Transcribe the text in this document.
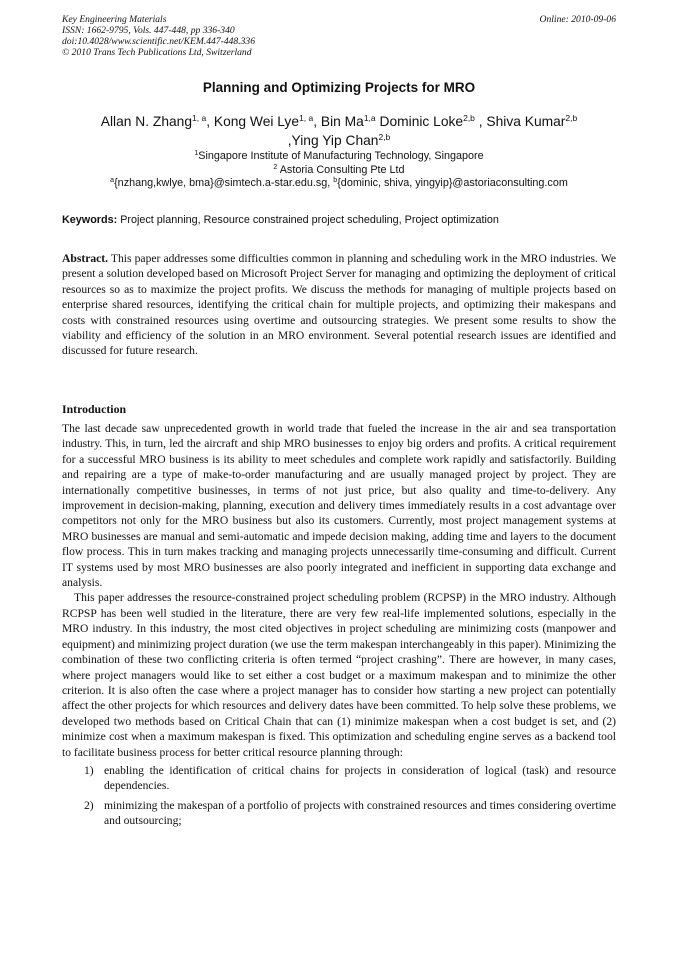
Key Engineering Materials
ISSN: 1662-9795, Vols. 447-448, pp 336-340
doi:10.4028/www.scientific.net/KEM.447-448.336
© 2010 Trans Tech Publications Ltd, Switzerland
Online: 2010-09-06
Planning and Optimizing Projects for MRO
Allan N. Zhang$^{1, a}$, Kong Wei Lye$^{1, a}$, Bin Ma$^{1,a}$ Dominic Loke$^{2,b}$ , Shiva Kumar$^{2,b}$
,Ying Yip Chan$^{2,b}$
$^1$Singapore Institute of Manufacturing Technology, Singapore
$^2$ Astoria Consulting Pte Ltd
$^a${nzhang,kwlye, bma}@simtech.a-star.edu.sg, $^b${dominic, shiva, yingyip}@astoriaconsulting.com
Keywords: Project planning, Resource constrained project scheduling, Project optimization
Abstract. This paper addresses some difficulties common in planning and scheduling work in the MRO industries. We present a solution developed based on Microsoft Project Server for managing and optimizing the deployment of critical resources so as to maximize the project profits. We discuss the methods for managing of multiple projects based on enterprise shared resources, identifying the critical chain for multiple projects, and optimizing their makespans and costs with constrained resources using overtime and outsourcing strategies. We present some results to show the viability and efficiency of the solution in an MRO environment. Several potential research issues are identified and discussed for future research.
Introduction

The last decade saw unprecedented growth in world trade that fueled the increase in the air and sea transportation industry. This, in turn, led the aircraft and ship MRO businesses to enjoy big orders and profits. A critical requirement for a successful MRO business is its ability to meet schedules and complete work rapidly and satisfactorily. Building and repairing are a type of make-to-order manufacturing and are usually managed project by project. They are internationally competitive businesses, in terms of not just price, but also quality and time-to-delivery. Any improvement in decision-making, planning, execution and delivery times immediately results in a cost advantage over competitors not only for the MRO business but also its customers. Currently, most project management systems at MRO businesses are manual and semi-automatic and impede decision making, adding time and layers to the document flow process. This in turn makes tracking and managing projects unnecessarily time-consuming and difficult. Current IT systems used by most MRO businesses are also poorly integrated and inefficient in supporting data exchange and analysis.

This paper addresses the resource-constrained project scheduling problem (RCPSP) in the MRO industry. Although RCPSP has been well studied in the literature, there are very few real-life implemented solutions, especially in the MRO industry. In this industry, the most cited objectives in project scheduling are minimizing costs (manpower and equipment) and minimizing project duration (we use the term makespan interchangeably in this paper). Minimizing the combination of these two conflicting criteria is often termed “project crashing”. There are however, in many cases, where project managers would like to set either a cost budget or a maximum makespan and to minimize the other criterion. It is also often the case where a project manager has to consider how starting a new project can potentially affect the other projects for which resources and delivery dates have been committed. To help solve these problems, we developed two methods based on Critical Chain that can (1) minimize makespan when a cost budget is set, and (2) minimize cost when a maximum makespan is fixed. This optimization and scheduling engine serves as a backend tool to facilitate business process for better critical resource planning through:

1) enabling the identification of critical chains for projects in consideration of logical (task) and resource dependencies.
2) minimizing the makespan of a portfolio of projects with constrained resources and times considering overtime and outsourcing;
